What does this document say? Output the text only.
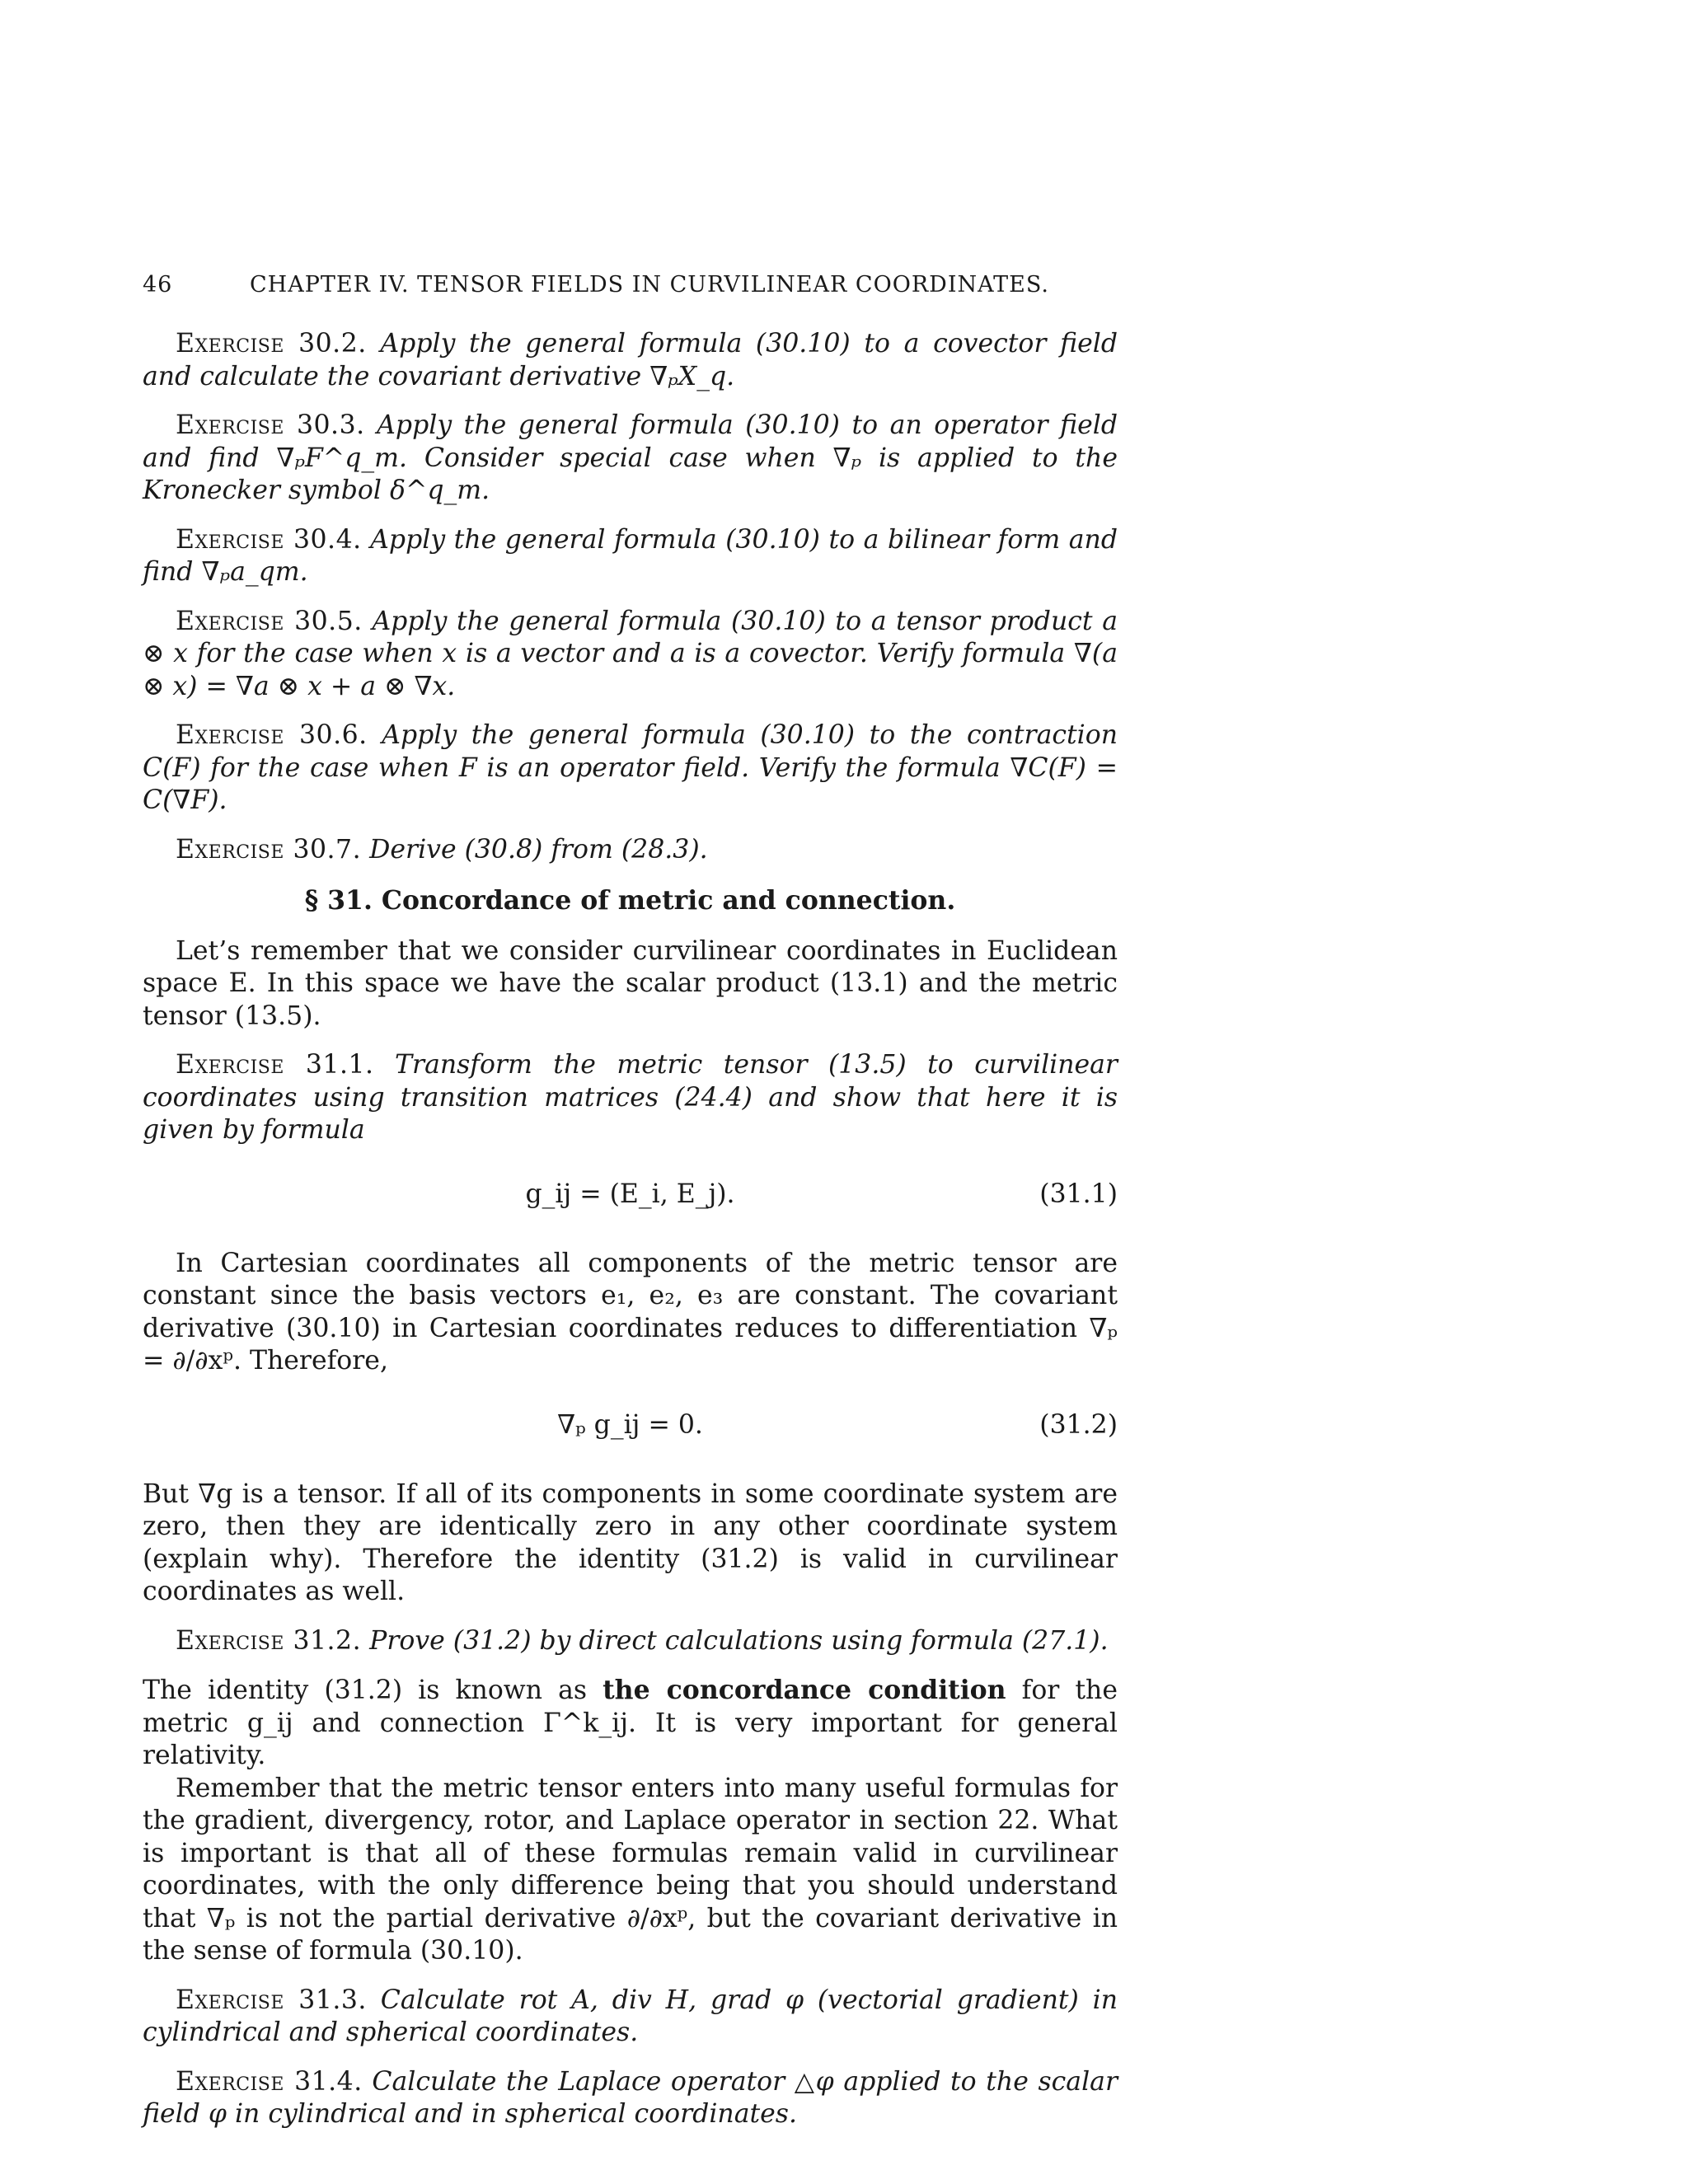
46	CHAPTER IV. TENSOR FIELDS IN CURVILINEAR COORDINATES.

Exercise 30.2. Apply the general formula (30.10) to a covector field and calculate the covariant derivative ∇ₚX_q.

Exercise 30.3. Apply the general formula (30.10) to an operator field and find ∇ₚF^q_m. Consider special case when ∇ₚ is applied to the Kronecker symbol δ^q_m.

Exercise 30.4. Apply the general formula (30.10) to a bilinear form and find ∇ₚa_qm.

Exercise 30.5. Apply the general formula (30.10) to a tensor product a ⊗ x for the case when x is a vector and a is a covector. Verify formula ∇(a ⊗ x) = ∇a ⊗ x + a ⊗ ∇x.

Exercise 30.6. Apply the general formula (30.10) to the contraction C(F) for the case when F is an operator field. Verify the formula ∇C(F) = C(∇F).

Exercise 30.7. Derive (30.8) from (28.3).

§ 31. Concordance of metric and connection.

Let’s remember that we consider curvilinear coordinates in Euclidean space E. In this space we have the scalar product (13.1) and the metric tensor (13.5).

Exercise 31.1. Transform the metric tensor (13.5) to curvilinear coordinates using transition matrices (24.4) and show that here it is given by formula

g_ij = (E_i, E_j).	(31.1)

In Cartesian coordinates all components of the metric tensor are constant since the basis vectors e₁, e₂, e₃ are constant. The covariant derivative (30.10) in Cartesian coordinates reduces to differentiation ∇ₚ = ∂/∂xᵖ. Therefore,

∇ₚ g_ij = 0.	(31.2)

But ∇g is a tensor. If all of its components in some coordinate system are zero, then they are identically zero in any other coordinate system (explain why). Therefore the identity (31.2) is valid in curvilinear coordinates as well.

Exercise 31.2. Prove (31.2) by direct calculations using formula (27.1).

The identity (31.2) is known as the concordance condition for the metric g_ij and connection Γ^k_ij. It is very important for general relativity.

Remember that the metric tensor enters into many useful formulas for the gradient, divergency, rotor, and Laplace operator in section 22. What is important is that all of these formulas remain valid in curvilinear coordinates, with the only difference being that you should understand that ∇ₚ is not the partial derivative ∂/∂xᵖ, but the covariant derivative in the sense of formula (30.10).

Exercise 31.3. Calculate rot A, div H, grad φ (vectorial gradient) in cylindrical and spherical coordinates.

Exercise 31.4. Calculate the Laplace operator △φ applied to the scalar field φ in cylindrical and in spherical coordinates.
